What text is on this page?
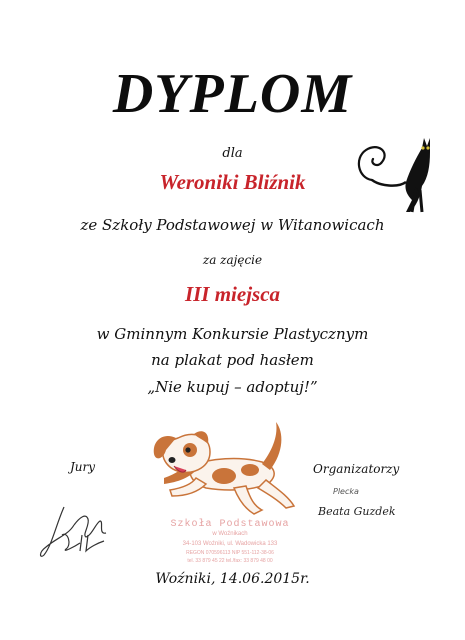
DYPLOM
dla
Weroniki Bliźnik
ze Szkoły Podstawowej w Witanowicach
za zajęcie
III miejsca
w Gminnym Konkursie Plastycznym
na plakat pod hasłem
„Nie kupuj – adoptuj!”
Jury	Organizatorzy
Szkoła Podstawowa
w Woźnikach
34-103 Woźniki, ul. Wadowicka 133
REGON 070596113 NIP 551-112-38-06
tel. 33 879 45 22 tel./fax: 33 879 48 00
Plecka
Beata Guzdek
Woźniki, 14.06.2015r.
